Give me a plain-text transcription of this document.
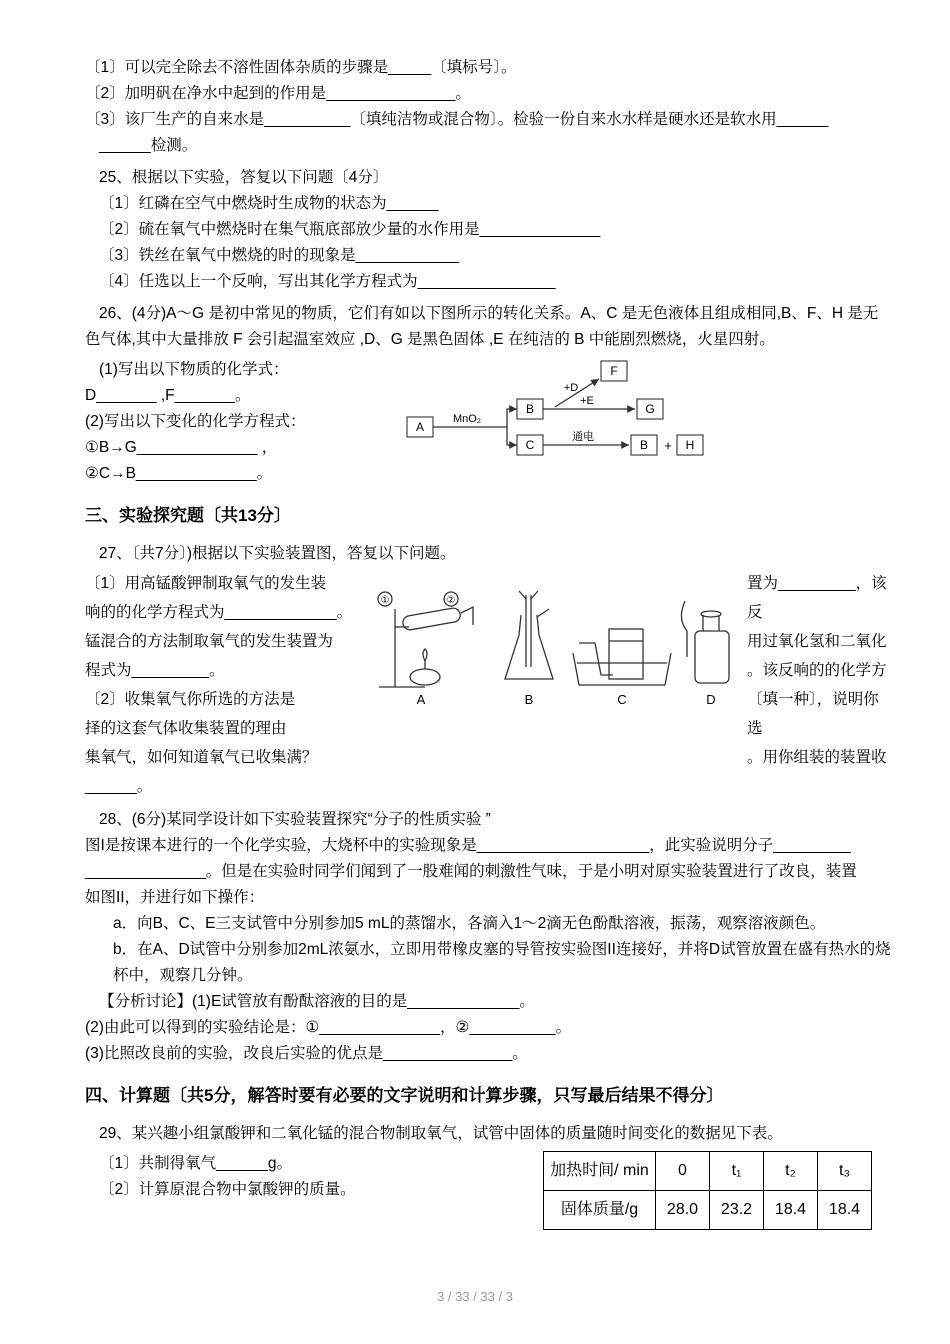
〔1〕可以完全除去不溶性固体杂质的步骤是_____〔填标号〕。
〔2〕加明矾在净水中起到的作用是_______________。
〔3〕该厂生产的自来水是__________〔填纯洁物或混合物〕。检验一份自来水水样是硬水还是软水用______
______检测。
25、根据以下实验，答复以下问题〔4分〕
〔1〕红磷在空气中燃烧时生成物的状态为______
〔2〕硫在氧气中燃烧时在集气瓶底部放少量的水作用是______________
〔3〕铁丝在氧气中燃烧的时的现象是____________
〔4〕任选以上一个反响，写出其化学方程式为________________
26、(4分)A～G 是初中常见的物质，它们有如以下图所示的转化关系。A、C 是无色液体且组成相同,B、F、H 是无色气体,其中大量排放 F 会引起温室效应 ,D、G 是黑色固体 ,E 在纯洁的 B 中能剧烈燃烧，火星四射。
(1)写出以下物质的化学式：
D_______ ,F_______。
(2)写出以下变化的化学方程式：
①B→G______________ ，
②C→B______________。
A
B
C
F
G
B + H
MnO₂
+D
+E
通电
三、实验探究题〔共13分〕
27、〔共7分〕)根据以下实验装置图，答复以下问题。
〔1〕用高锰酸钾制取氧气的发生装
响的的化学方程式为_____________。
锰混合的方法制取氧气的发生装置为
程式为_________。
〔2〕收集氧气你所选的方法是
择的这套气体收集装置的理由
集氧气，如何知道氧气已收集满？______。
①	②
A	B	C	D
置为_________，该反
用过氧化氢和二氧化
。该反响的的化学方
〔填一种〕，说明你选
。用你组装的装置收
28、(6分)某同学设计如下实验装置探究“分子的性质实验 ”
图I是按课本进行的一个化学实验，大烧杯中的实验现象是____________________，此实验说明分子_________
______________。但是在实验时同学们闻到了一股难闻的刺激性气味，于是小明对原实验装置进行了改良，装置
如图II，并进行如下操作：
a．向B、C、E三支试管中分别参加5 mL的蒸馏水，各滴入1～2滴无色酚酞溶液，振荡，观察溶液颜色。
b．在A、D试管中分别参加2mL浓氨水，立即用带橡皮塞的导管按实验图II连接好，并将D试管放置在盛有热水的烧杯中，观察几分钟。
【分析讨论】(1)E试管放有酚酞溶液的目的是_____________。
(2)由此可以得到的实验结论是：①______________，②__________。
(3)比照改良前的实验，改良后实验的优点是_______________。
四、计算题〔共5分，解答时要有必要的文字说明和计算步骤，只写最后结果不得分〕
29、某兴趣小组氯酸钾和二氧化锰的混合物制取氧气，试管中固体的质量随时间变化的数据见下表。
〔1〕共制得氧气______g。
〔2〕计算原混合物中氯酸钾的质量。
加热时间/ min	0	t₁	t₂	t₃
固体质量/g	28.0	23.2	18.4	18.4
3 / 33 / 33 / 3
